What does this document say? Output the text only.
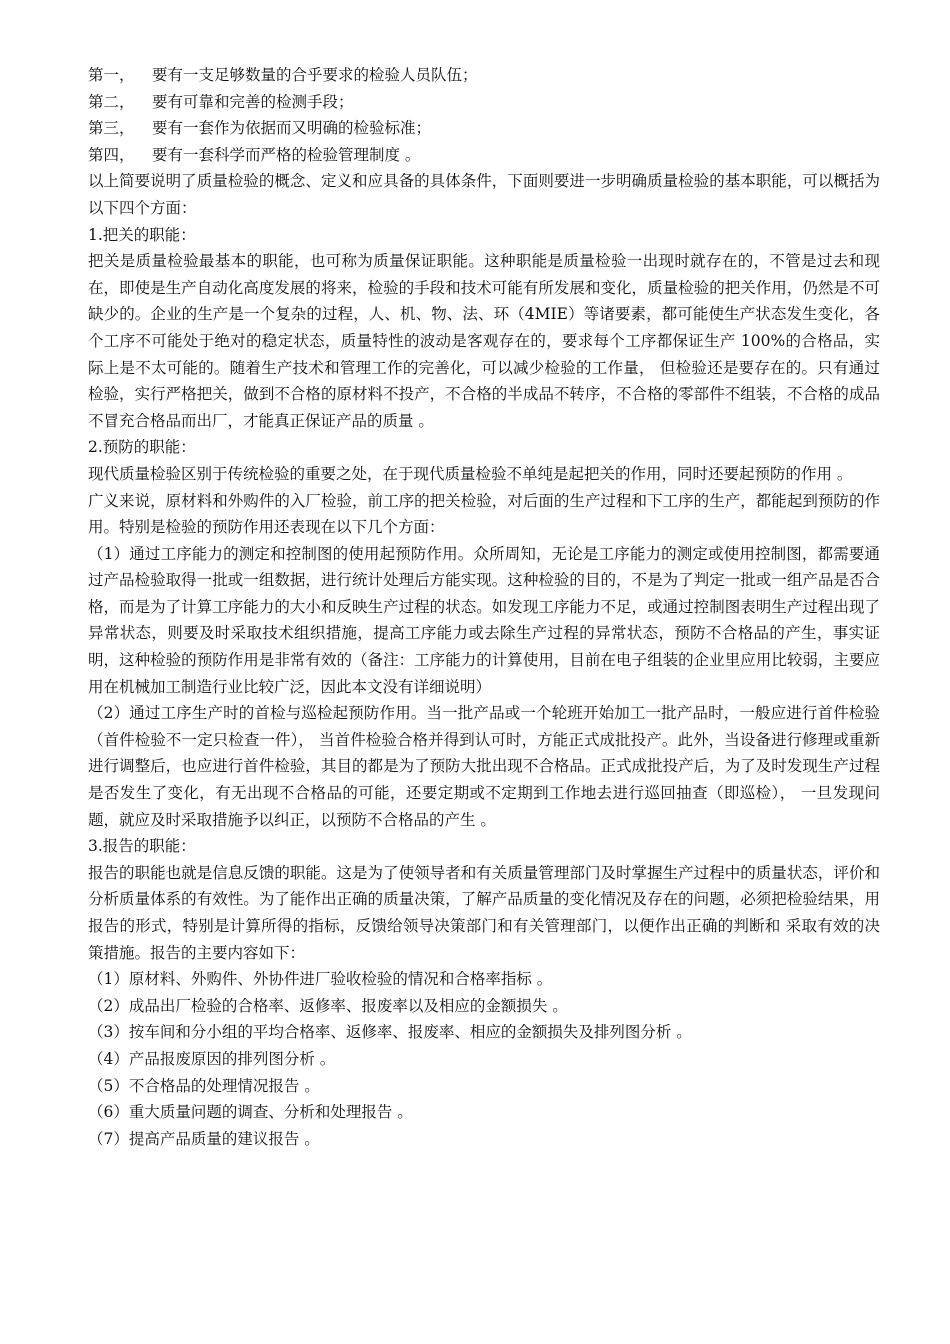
第一，	要有一支足够数量的合乎要求的检验人员队伍；
第二，	要有可靠和完善的检测手段；
第三，	要有一套作为依据而又明确的检验标准；
第四，	要有一套科学而严格的检验管理制度 。

以上简要说明了质量检验的概念、定义和应具备的具体条件，下面则要进一步明确质量检验的基本职能，可以概括为以下四个方面：

1.把关的职能：

把关是质量检验最基本的职能，也可称为质量保证职能。这种职能是质量检验一出现时就存在的，不管是过去和现在，即使是生产自动化高度发展的将来，检验的手段和技术可能有所发展和变化，质量检验的把关作用，仍然是不可缺少的。企业的生产是一个复杂的过程，人、机、物、法、环（4MIE）等诸要素，都可能使生产状态发生变化，各个工序不可能处于绝对的稳定状态，质量特性的波动是客观存在的，要求每个工序都保证生产 100%的合格品，实际上是不太可能的。随着生产技术和管理工作的完善化，可以减少检验的工作量， 但检验还是要存在的。只有通过检验，实行严格把关，做到不合格的原材料不投产，不合格的半成品不转序，不合格的零部件不组装，不合格的成品不冒充合格品而出厂，才能真正保证产品的质量 。

2.预防的职能：

现代质量检验区别于传统检验的重要之处，在于现代质量检验不单纯是起把关的作用，同时还要起预防的作用 。

广义来说，原材料和外购件的入厂检验，前工序的把关检验，对后面的生产过程和下工序的生产，都能起到预防的作用。特别是检验的预防作用还表现在以下几个方面：

（1）通过工序能力的测定和控制图的使用起预防作用。众所周知，无论是工序能力的测定或使用控制图，都需要通过产品检验取得一批或一组数据，进行统计处理后方能实现。这种检验的目的，不是为了判定一批或一组产品是否合格，而是为了计算工序能力的大小和反映生产过程的状态。如发现工序能力不足，或通过控制图表明生产过程出现了异常状态，则要及时采取技术组织措施，提高工序能力或去除生产过程的异常状态，预防不合格品的产生，事实证明，这种检验的预防作用是非常有效的（备注：工序能力的计算使用，目前在电子组装的企业里应用比较弱，主要应用在机械加工制造行业比较广泛，因此本文没有详细说明）

（2）通过工序生产时的首检与巡检起预防作用。当一批产品或一个轮班开始加工一批产品时，一般应进行首件检验（首件检验不一定只检查一件）， 当首件检验合格并得到认可时，方能正式成批投产。此外，当设备进行修理或重新进行调整后，也应进行首件检验，其目的都是为了预防大批出现不合格品。正式成批投产后，为了及时发现生产过程是否发生了变化，有无出现不合格品的可能，还要定期或不定期到工作地去进行巡回抽查（即巡检）， 一旦发现问题，就应及时采取措施予以纠正，以预防不合格品的产生 。

3.报告的职能：

报告的职能也就是信息反馈的职能。这是为了使领导者和有关质量管理部门及时掌握生产过程中的质量状态，评价和分析质量体系的有效性。为了能作出正确的质量决策，了解产品质量的变化情况及存在的问题，必须把检验结果，用报告的形式，特别是计算所得的指标，反馈给领导决策部门和有关管理部门，以便作出正确的判断和 采取有效的决策措施。报告的主要内容如下：

（1）原材料、外购件、外协件进厂验收检验的情况和合格率指标 。
（2）成品出厂检验的合格率、返修率、报废率以及相应的金额损失 。
（3）按车间和分小组的平均合格率、返修率、报废率、相应的金额损失及排列图分析 。
（4）产品报废原因的排列图分析 。
（5）不合格品的处理情况报告 。
（6）重大质量问题的调查、分析和处理报告 。
（7）提高产品质量的建议报告 。
